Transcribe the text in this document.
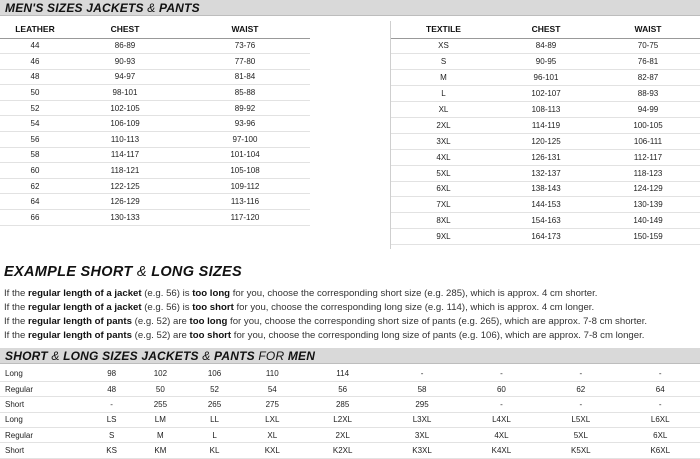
MEN'S SIZES JACKETS & PANTS
LEATHER	CHEST	WAIST
44	86-89	73-76
46	90-93	77-80
48	94-97	81-84
50	98-101	85-88
52	102-105	89-92
54	106-109	93-96
56	110-113	97-100
58	114-117	101-104
60	118-121	105-108
62	122-125	109-112
64	126-129	113-116
66	130-133	117-120
TEXTILE	CHEST	WAIST
XS	84-89	70-75
S	90-95	76-81
M	96-101	82-87
L	102-107	88-93
XL	108-113	94-99
2XL	114-119	100-105
3XL	120-125	106-111
4XL	126-131	112-117
5XL	132-137	118-123
6XL	138-143	124-129
7XL	144-153	130-139
8XL	154-163	140-149
9XL	164-173	150-159
EXAMPLE SHORT & LONG SIZES
If the regular length of a jacket (e.g. 56) is too long for you, choose the corresponding short size (e.g. 285), which is approx. 4 cm shorter.
If the regular length of a jacket (e.g. 56) is too short for you, choose the corresponding long size (e.g. 114), which is approx. 4 cm longer.
If the regular length of pants (e.g. 52) are too long for you, choose the corresponding short size of pants (e.g. 265), which are approx. 7-8 cm shorter.
If the regular length of pants (e.g. 52) are too short for you, choose the corresponding long size of pants (e.g. 106), which are approx. 7-8 cm longer.
SHORT & LONG SIZES JACKETS & PANTS FOR MEN
Long	98	102	106	110	114	-	-	-	-
Regular	48	50	52	54	56	58	60	62	64
Short	-	255	265	275	285	295	-	-	-
Long	LS	LM	LL	LXL	L2XL	L3XL	L4XL	L5XL	L6XL
Regular	S	M	L	XL	2XL	3XL	4XL	5XL	6XL
Short	KS	KM	KL	KXL	K2XL	K3XL	K4XL	K5XL	K6XL
